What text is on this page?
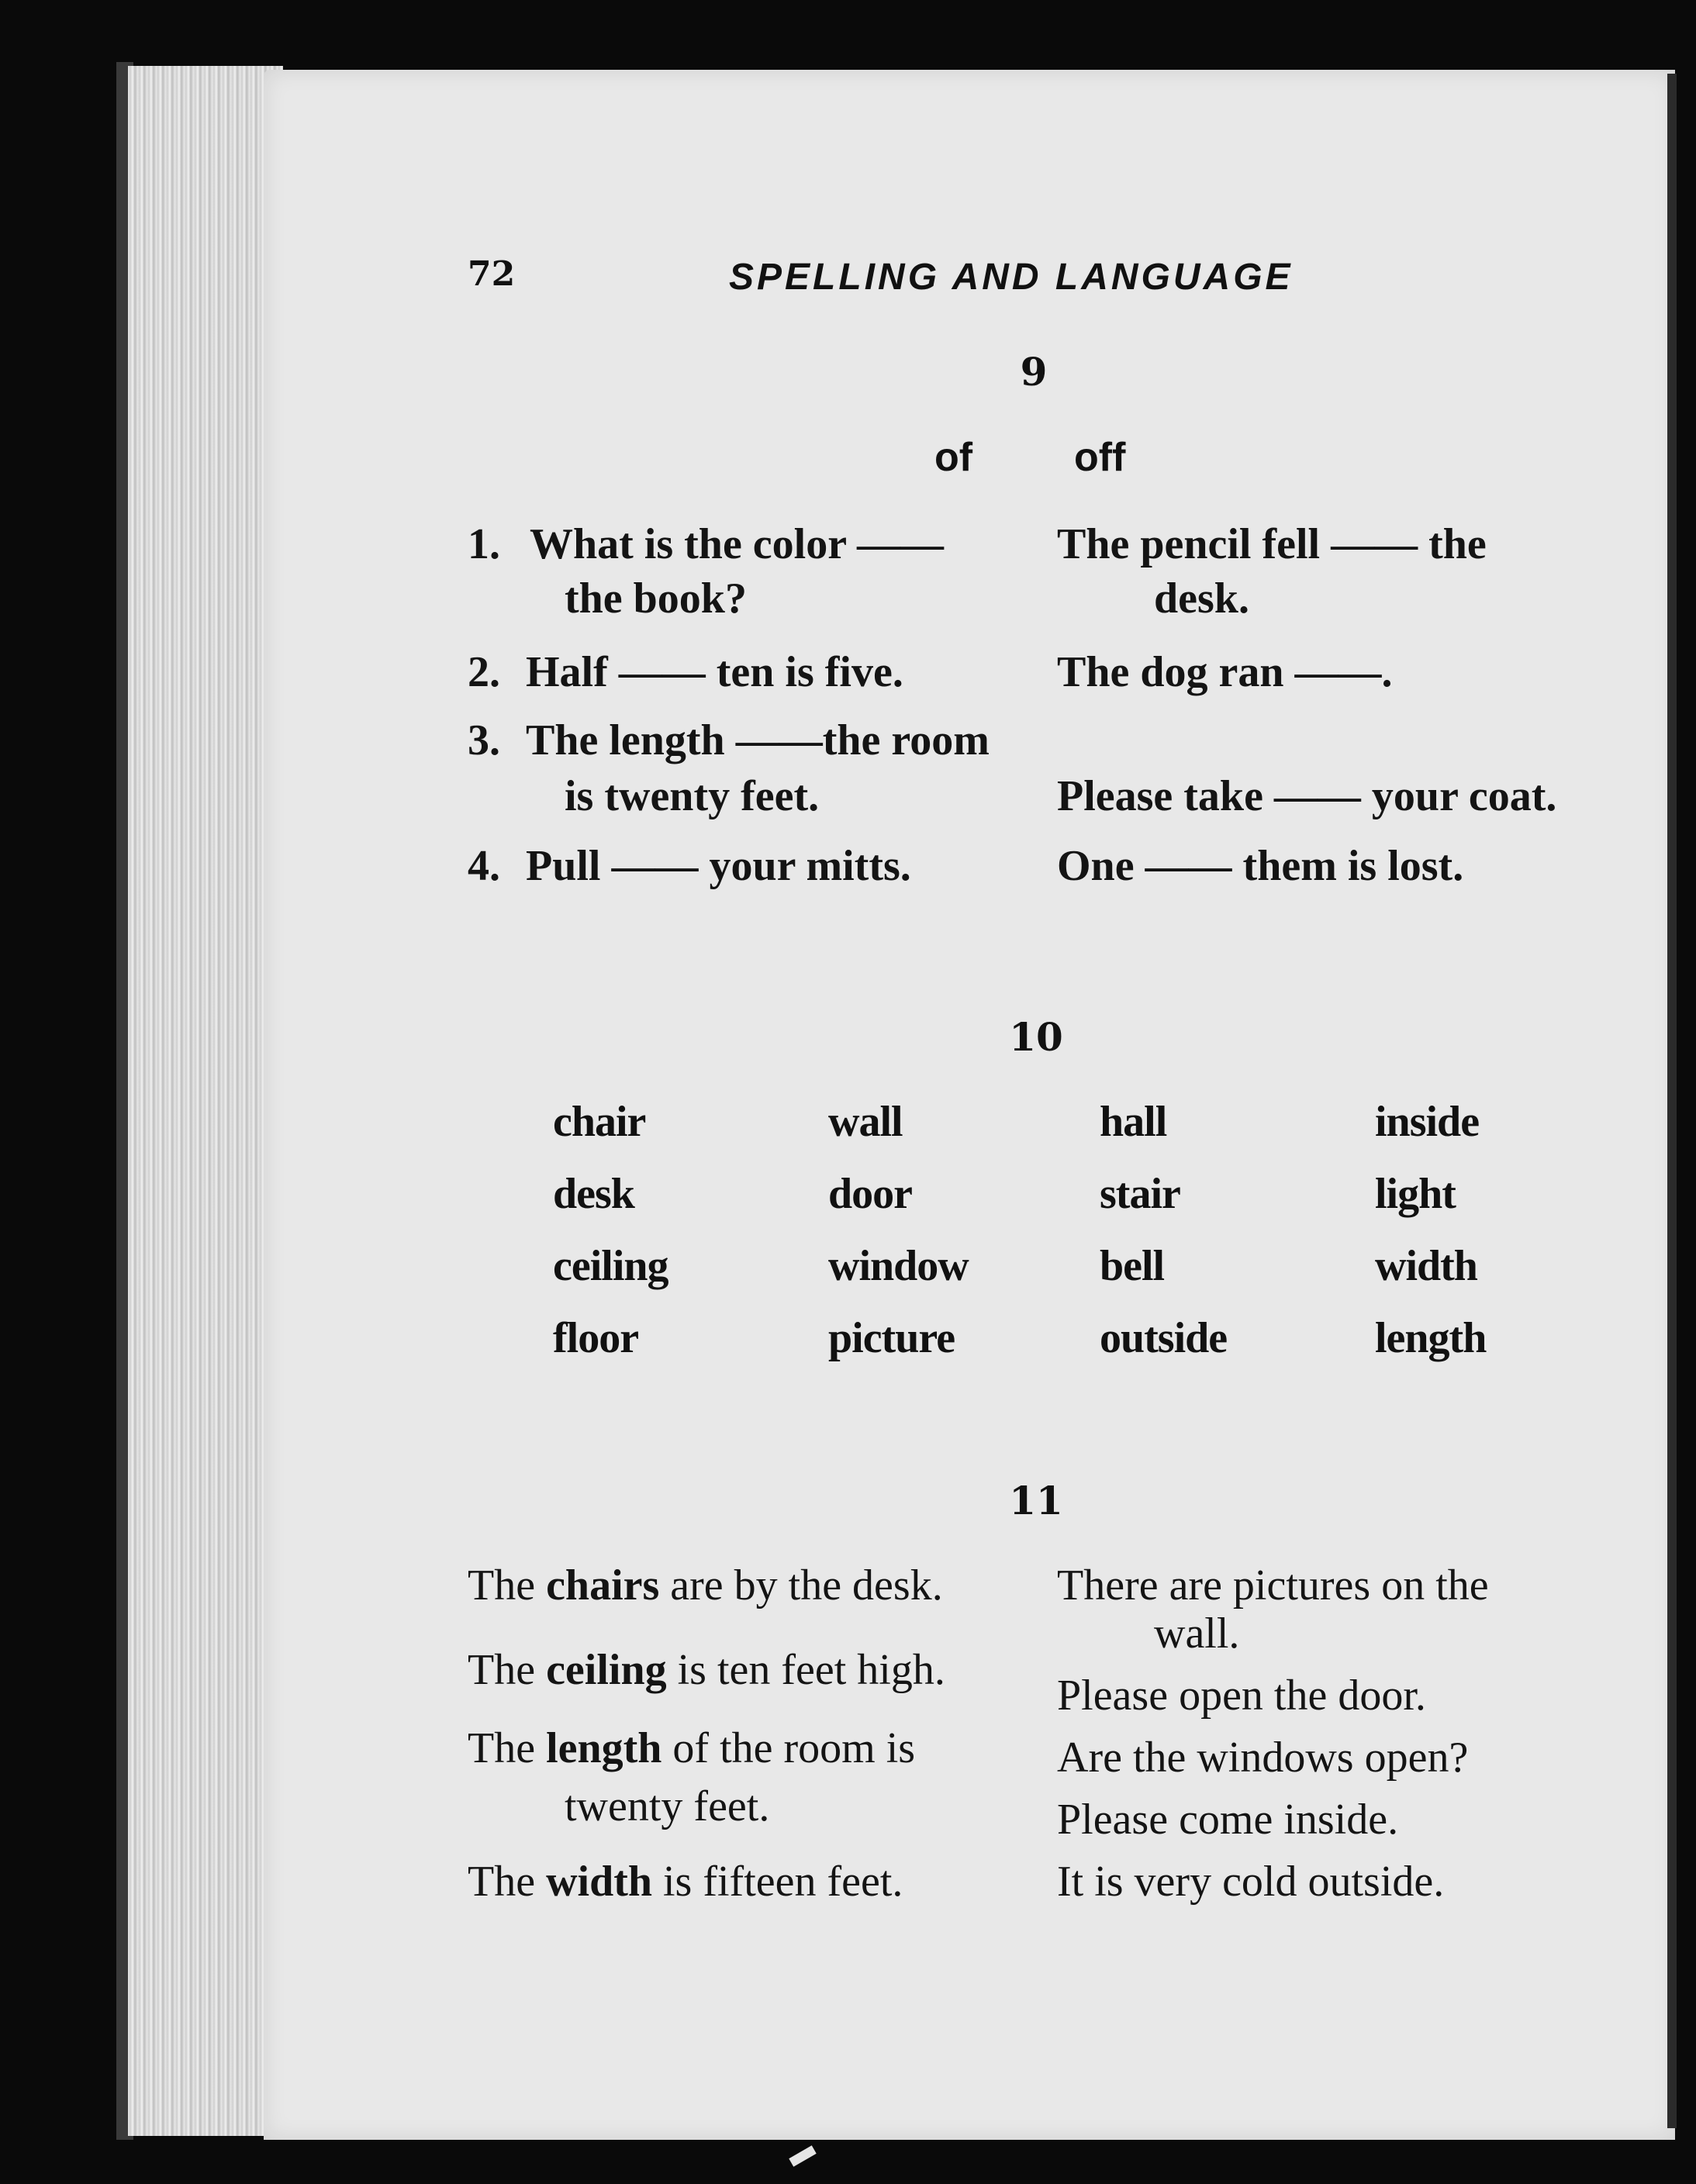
72	SPELLING AND LANGUAGE
9
of	off
1. What is the color ——
the book?
2. Half —— ten is five.
3. The length ——the room
is twenty feet.
4. Pull —— your mitts.
The pencil fell —— the
desk.
The dog ran ——.
Please take —— your coat.
One —— them is lost.
10
chair
desk
ceiling
floor
wall
door
window
picture
hall
stair
bell
outside
inside
light
width
length
11
The chairs are by the desk.
The ceiling is ten feet high.
The length of the room is
twenty feet.
The width is fifteen feet.
There are pictures on the
wall.
Please open the door.
Are the windows open?
Please come inside.
It is very cold outside.
